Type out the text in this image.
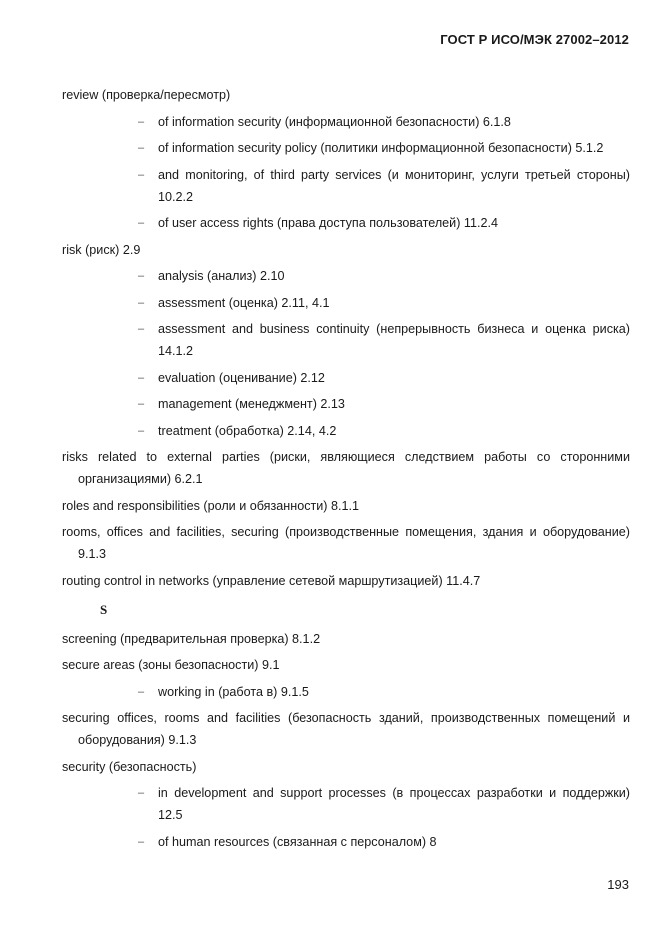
ГОСТ Р ИСО/МЭК 27002–2012
review (проверка/пересмотр)
– of information security (информационной безопасности) 6.1.8
– of information security policy (политики информационной безопасности) 5.1.2
– and monitoring, of third party services (и мониторинг, услуги третьей стороны) 10.2.2
– of user access rights (права доступа пользователей) 11.2.4
risk (риск) 2.9
– analysis (анализ) 2.10
– assessment (оценка) 2.11, 4.1
– assessment and business continuity (непрерывность бизнеса и оценка риска) 14.1.2
– evaluation (оценивание) 2.12
– management (менеджмент) 2.13
– treatment (обработка) 2.14, 4.2
risks related to external parties (риски, являющиеся следствием работы со сторонними организациями) 6.2.1
roles and responsibilities (роли и обязанности) 8.1.1
rooms, offices and facilities, securing (производственные помещения, здания и оборудование) 9.1.3
routing control in networks (управление сетевой маршрутизацией) 11.4.7
S
screening (предварительная проверка) 8.1.2
secure areas (зоны безопасности) 9.1
– working in (работа в) 9.1.5
securing offices, rooms and facilities (безопасность зданий, производственных помещений и оборудования) 9.1.3
security (безопасность)
– in development and support processes (в процессах разработки и поддержки) 12.5
– of human resources (связанная с персоналом) 8
193
